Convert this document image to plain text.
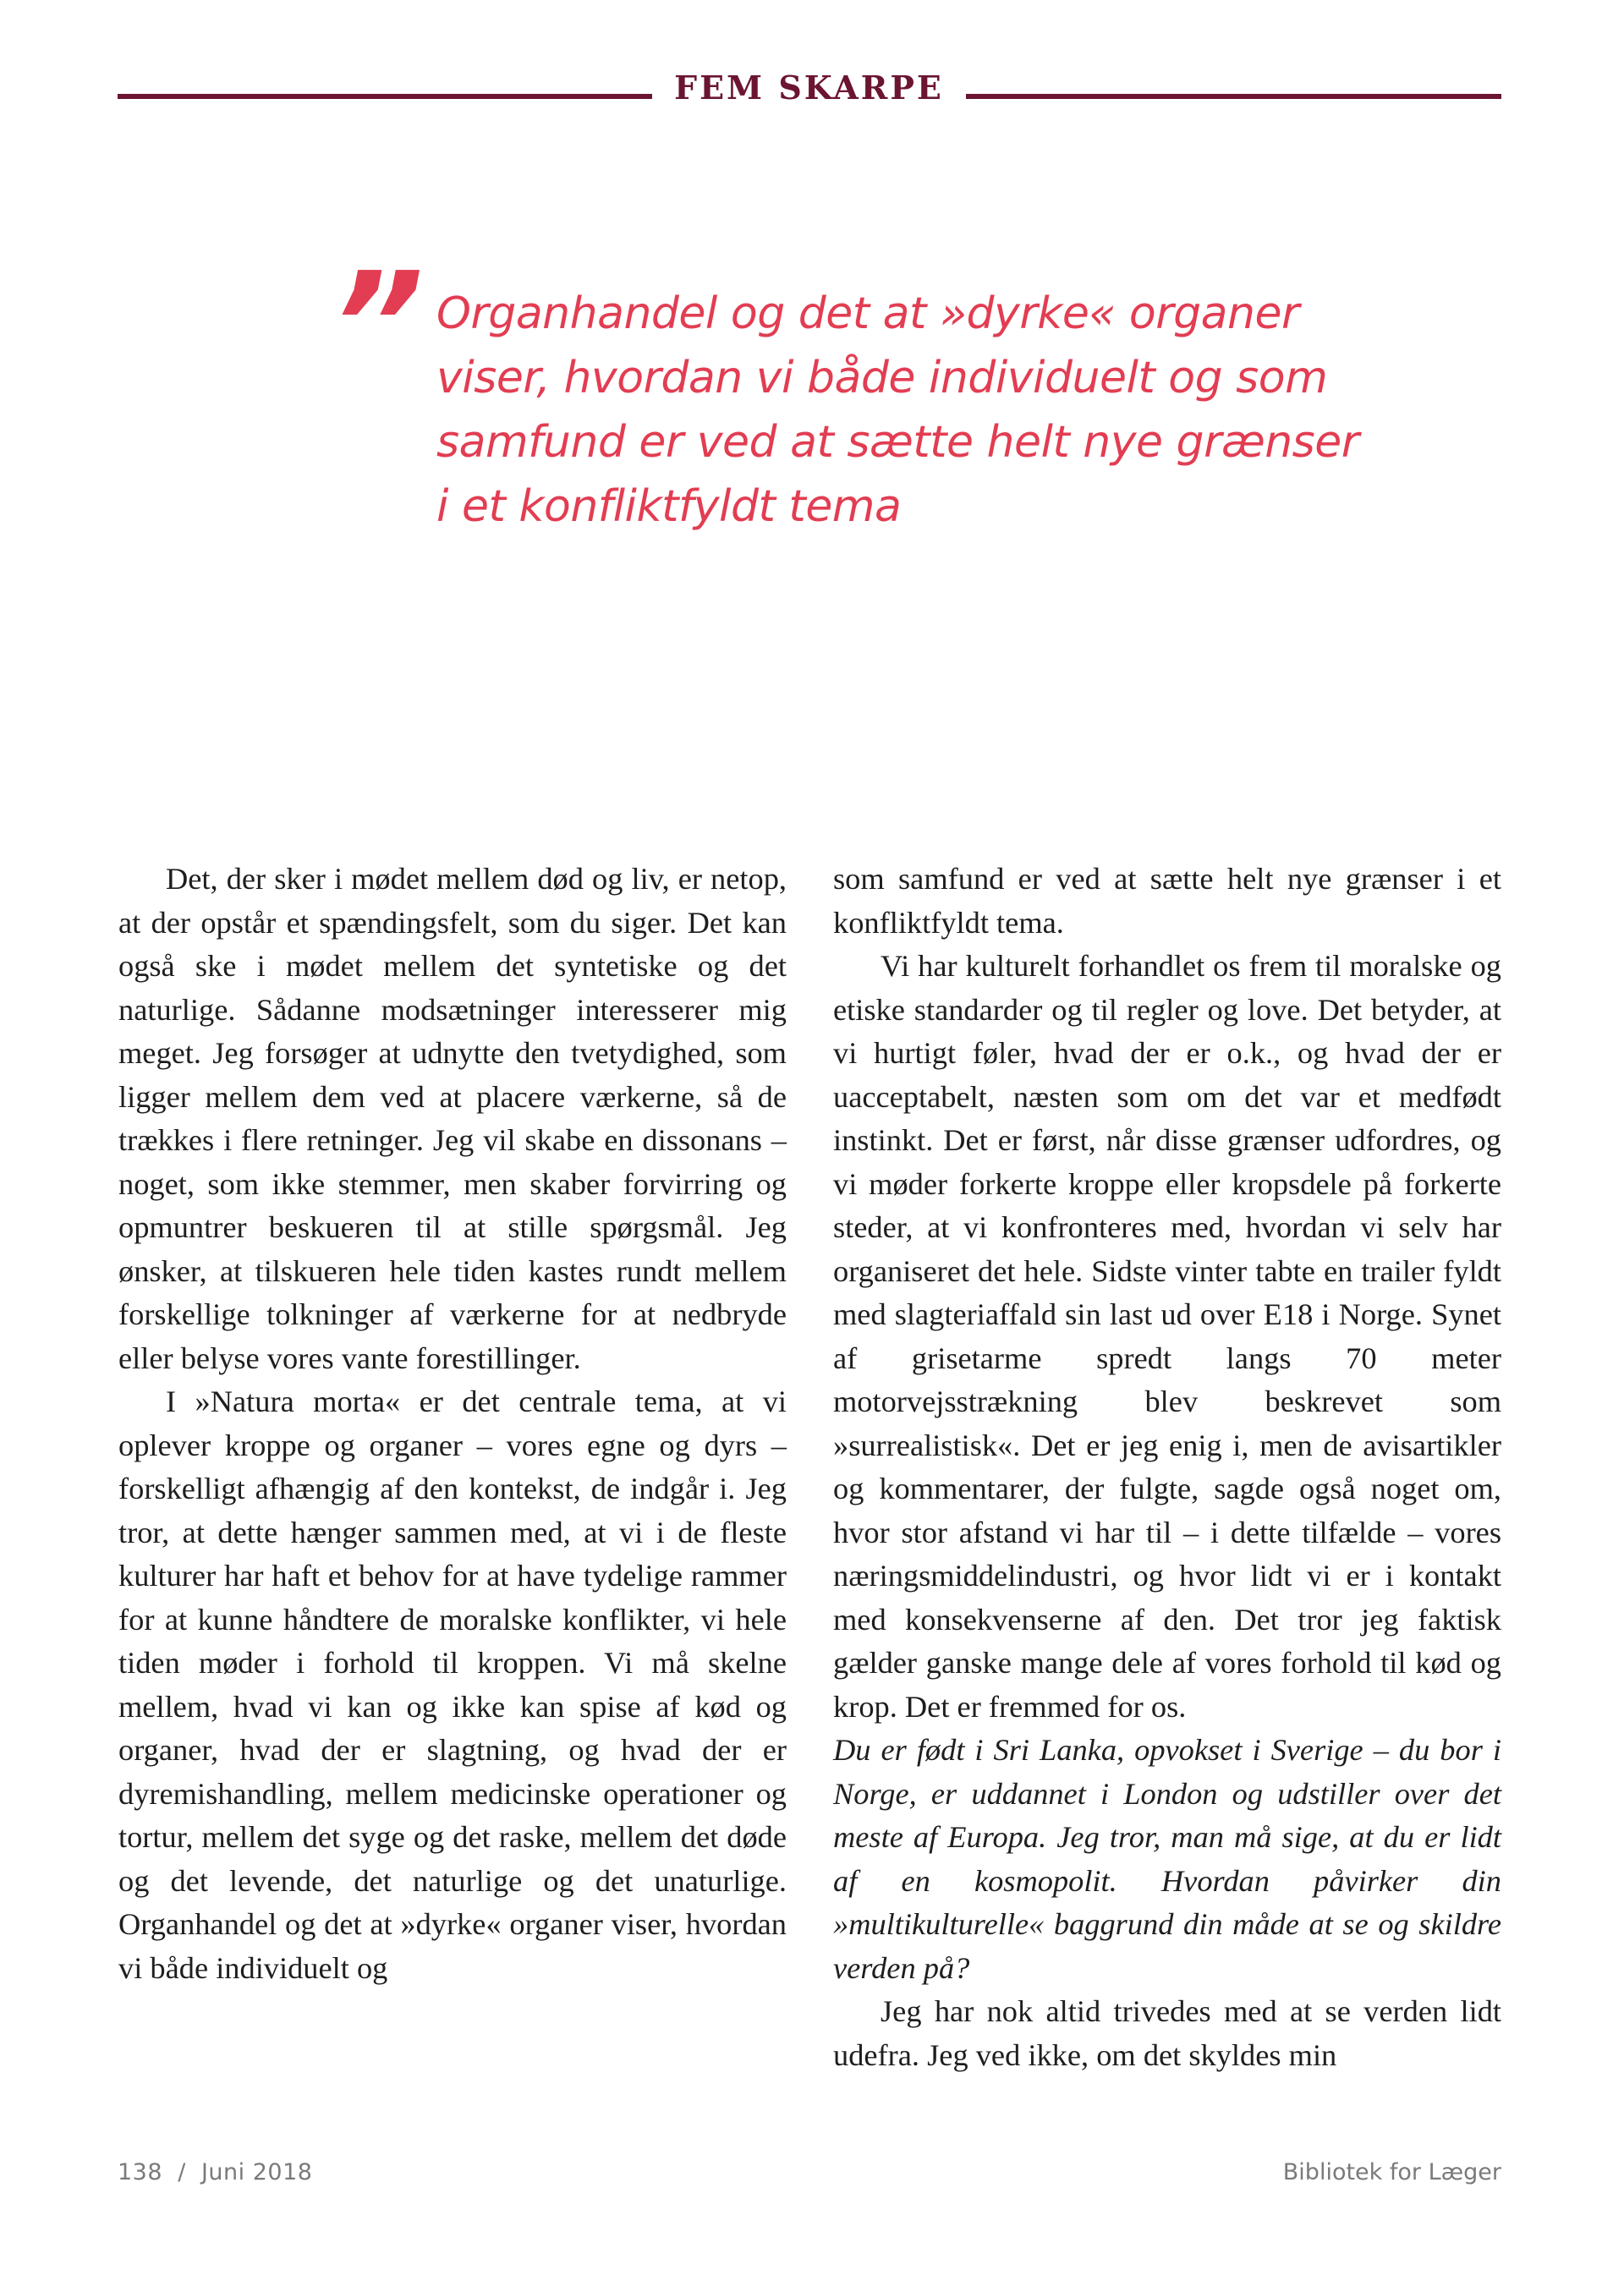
FEM SKARPE
” Organhandel og det at »dyrke« organer viser, hvordan vi både individuelt og som samfund er ved at sætte helt nye grænser i et konfliktfyldt tema

Det, der sker i mødet mellem død og liv, er netop, at der opstår et spændingsfelt, som du siger. Det kan også ske i mødet mellem det syntetiske og det naturlige. Sådanne modsætninger interesserer mig meget. Jeg forsøger at udnytte den tvetydighed, som ligger mellem dem ved at placere værkerne, så de trækkes i flere retninger. Jeg vil skabe en dissonans – noget, som ikke stemmer, men skaber forvirring og opmuntrer beskueren til at stille spørgsmål. Jeg ønsker, at tilskueren hele tiden kastes rundt mellem forskellige tolkninger af værkerne for at nedbryde eller belyse vores vante forestillinger.

I »Natura morta« er det centrale tema, at vi oplever kroppe og organer – vores egne og dyrs – forskelligt afhængig af den kontekst, de indgår i. Jeg tror, at dette hænger sammen med, at vi i de fleste kulturer har haft et behov for at have tydelige rammer for at kunne håndtere de moralske konflikter, vi hele tiden møder i forhold til kroppen. Vi må skelne mellem, hvad vi kan og ikke kan spise af kød og organer, hvad der er slagtning, og hvad der er dyremishandling, mellem medicinske operationer og tortur, mellem det syge og det raske, mellem det døde og det levende, det naturlige og det unaturlige. Organhandel og det at »dyrke« organer viser, hvordan vi både individuelt og

som samfund er ved at sætte helt nye grænser i et konfliktfyldt tema.

Vi har kulturelt forhandlet os frem til moralske og etiske standarder og til regler og love. Det betyder, at vi hurtigt føler, hvad der er o.k., og hvad der er uacceptabelt, næsten som om det var et medfødt instinkt. Det er først, når disse grænser udfordres, og vi møder forkerte kroppe eller kropsdele på forkerte steder, at vi konfronteres med, hvordan vi selv har organiseret det hele. Sidste vinter tabte en trailer fyldt med slagteriaffald sin last ud over E18 i Norge. Synet af grisetarme spredt langs 70 meter motorvejsstrækning blev beskrevet som »surrealistisk«. Det er jeg enig i, men de avisartikler og kommentarer, der fulgte, sagde også noget om, hvor stor afstand vi har til – i dette tilfælde – vores næringsmiddelindustri, og hvor lidt vi er i kontakt med konsekvenserne af den. Det tror jeg faktisk gælder ganske mange dele af vores forhold til kød og krop. Det er fremmed for os.

Du er født i Sri Lanka, opvokset i Sverige – du bor i Norge, er uddannet i London og udstiller over det meste af Europa. Jeg tror, man må sige, at du er lidt af en kosmopolit. Hvordan påvirker din »multikulturelle« baggrund din måde at se og skildre verden på?

Jeg har nok altid trivedes med at se verden lidt udefra. Jeg ved ikke, om det skyldes min

138  /  Juni 2018	Bibliotek for Læger
